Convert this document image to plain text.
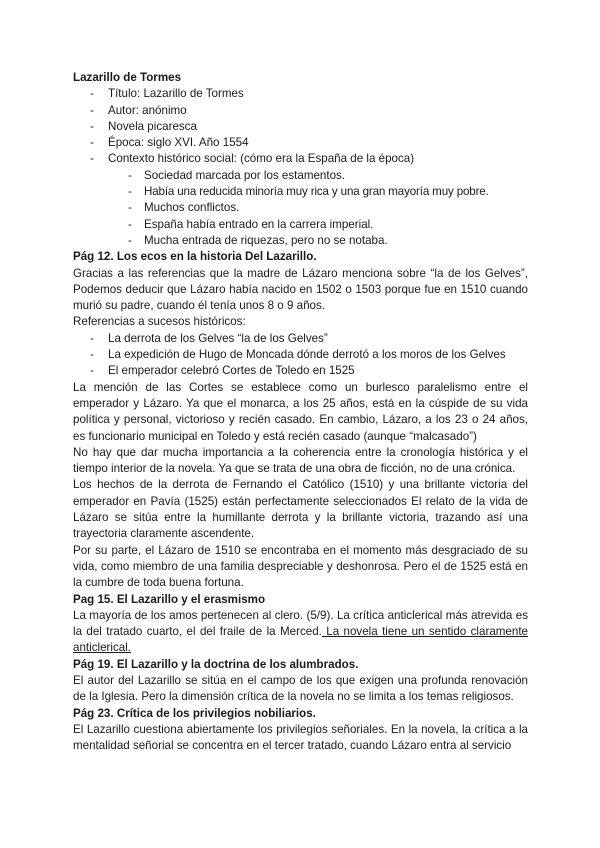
Lazarillo de Tormes

- Título: Lazarillo de Tormes
- Autor: anónimo
- Novela picaresca
- Época: siglo XVI. Año 1554
- Contexto histórico social: (cómo era la España de la época)
- Sociedad marcada por los estamentos.
- Había una reducida minoría muy rica y una gran mayoría muy pobre.
- Muchos conflictos.
- España había entrado en la carrera imperial.
- Mucha entrada de riquezas, pero no se notaba.

Pág 12. Los ecos en la historia Del Lazarillo.

Gracias a las referencias que la madre de Lázaro menciona sobre “la de los Gelves”, Podemos deducir que Lázaro había nacido en 1502 o 1503 porque fue en 1510 cuando murió su padre, cuando él tenía unos 8 o 9 años.

Referencias a sucesos históricos:

- La derrota de los Gelves “la de los Gelves”
- La expedición de Hugo de Moncada dónde derrotó a los moros de los Gelves
- El emperador celebró Cortes de Toledo en 1525

La mención de las Cortes se establece como un burlesco paralelismo entre el emperador y Lázaro. Ya que el monarca, a los 25 años, está en la cúspide de su vida política y personal, victorioso y recién casado. En cambio, Lázaro, a los 23 o 24 años, es funcionario municipal en Toledo y está recién casado (aunque “malcasado”)

No hay que dar mucha importancia a la coherencia entre la cronología histórica y el tiempo interior de la novela. Ya que se trata de una obra de ficción, no de una crónica.

Los hechos de la derrota de Fernando el Católico (1510) y una brillante victoria del emperador en Pavía (1525) están perfectamente seleccionados El relato de la vida de Lázaro se sitúa entre la humillante derrota y la brillante victoria, trazando así una trayectoria claramente ascendente.

Por su parte, el Lázaro de 1510 se encontraba en el momento más desgraciado de su vida, como miembro de una familia despreciable y deshonrosa. Pero el de 1525 está en la cumbre de toda buena fortuna.

Pag 15. El Lazarillo y el erasmismo

La mayoría de los amos pertenecen al clero. (5/9). La crítica anticlerical más atrevida es la del tratado cuarto, el del fraile de la Merced. La novela tiene un sentido claramente anticlerical.

Pág 19. El Lazarillo y la doctrina de los alumbrados.

El autor del Lazarillo se sitúa en el campo de los que exigen una profunda renovación de la Iglesia. Pero la dimensión crítica de la novela no se limita a los temas religiosos.

Pág 23. Crítica de los privilegios nobiliarios.

El Lazarillo cuestiona abiertamente los privilegios señoriales. En la novela, la crítica a la mentalidad señorial se concentra en el tercer tratado, cuando Lázaro entra al servicio
